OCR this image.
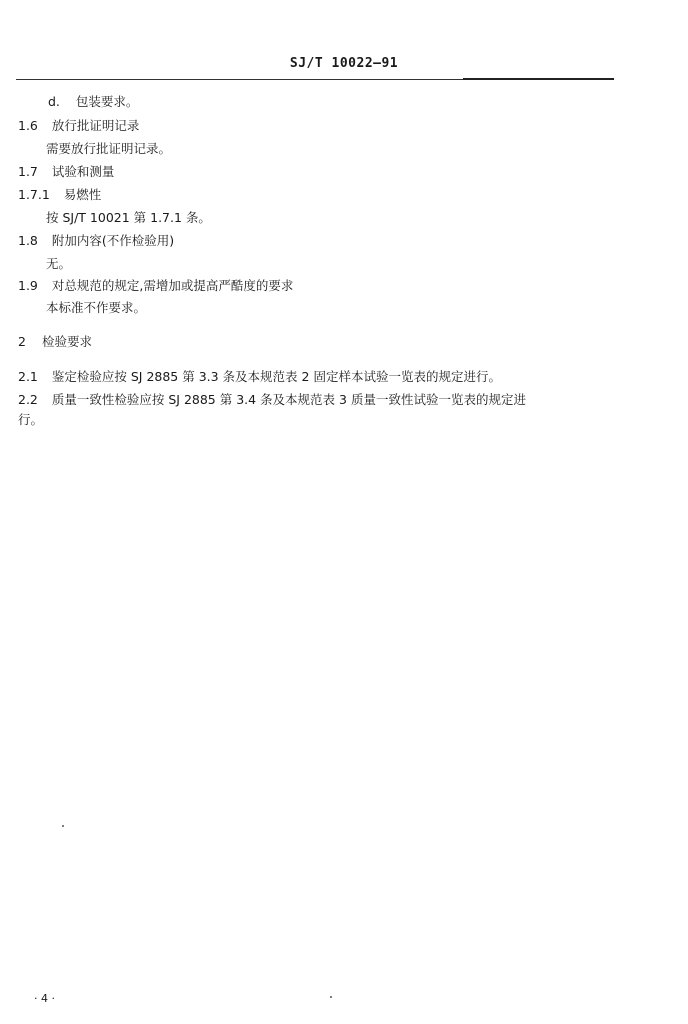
SJ/T 10022—91
d. 包装要求。
1.6 放行批证明记录
需要放行批证明记录。
1.7 试验和测量
1.7.1 易燃性
按 SJ/T 10021 第 1.7.1 条。
1.8 附加内容(不作检验用)
无。
1.9 对总规范的规定,需增加或提高严酷度的要求
本标准不作要求。
2 检验要求
2.1 鉴定检验应按 SJ 2885 第 3.3 条及本规范表 2 固定样本试验一览表的规定进行。
2.2 质量一致性检验应按 SJ 2885 第 3.4 条及本规范表 3 质量一致性试验一览表的规定进
行。
· 4 ·
